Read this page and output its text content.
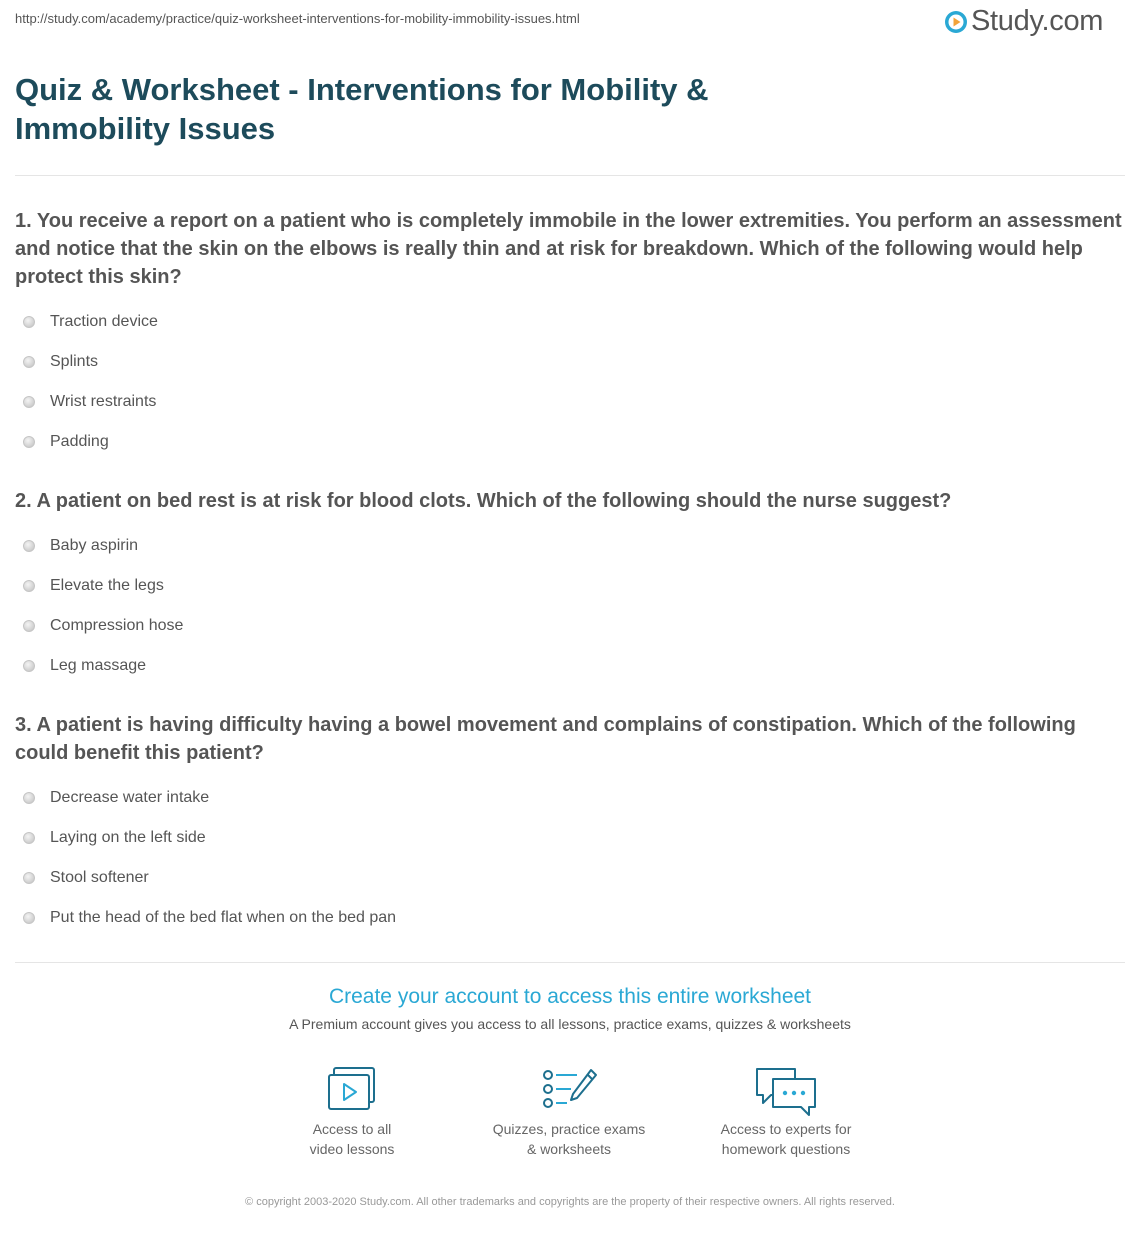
http://study.com/academy/practice/quiz-worksheet-interventions-for-mobility-immobility-issues.html	Study.com
Quiz & Worksheet - Interventions for Mobility & Immobility Issues

1. You receive a report on a patient who is completely immobile in the lower extremities. You perform an assessment and notice that the skin on the elbows is really thin and at risk for breakdown. Which of the following would help protect this skin?

Traction device
Splints
Wrist restraints
Padding

2. A patient on bed rest is at risk for blood clots. Which of the following should the nurse suggest?

Baby aspirin
Elevate the legs
Compression hose
Leg massage

3. A patient is having difficulty having a bowel movement and complains of constipation. Which of the following could benefit this patient?

Decrease water intake
Laying on the left side
Stool softener
Put the head of the bed flat when on the bed pan
Create your account to access this entire worksheet
A Premium account gives you access to all lessons, practice exams, quizzes & worksheets
Access to all
video lessons
Quizzes, practice exams
& worksheets
Access to experts for
homework questions
© copyright 2003-2020 Study.com. All other trademarks and copyrights are the property of their respective owners. All rights reserved.
